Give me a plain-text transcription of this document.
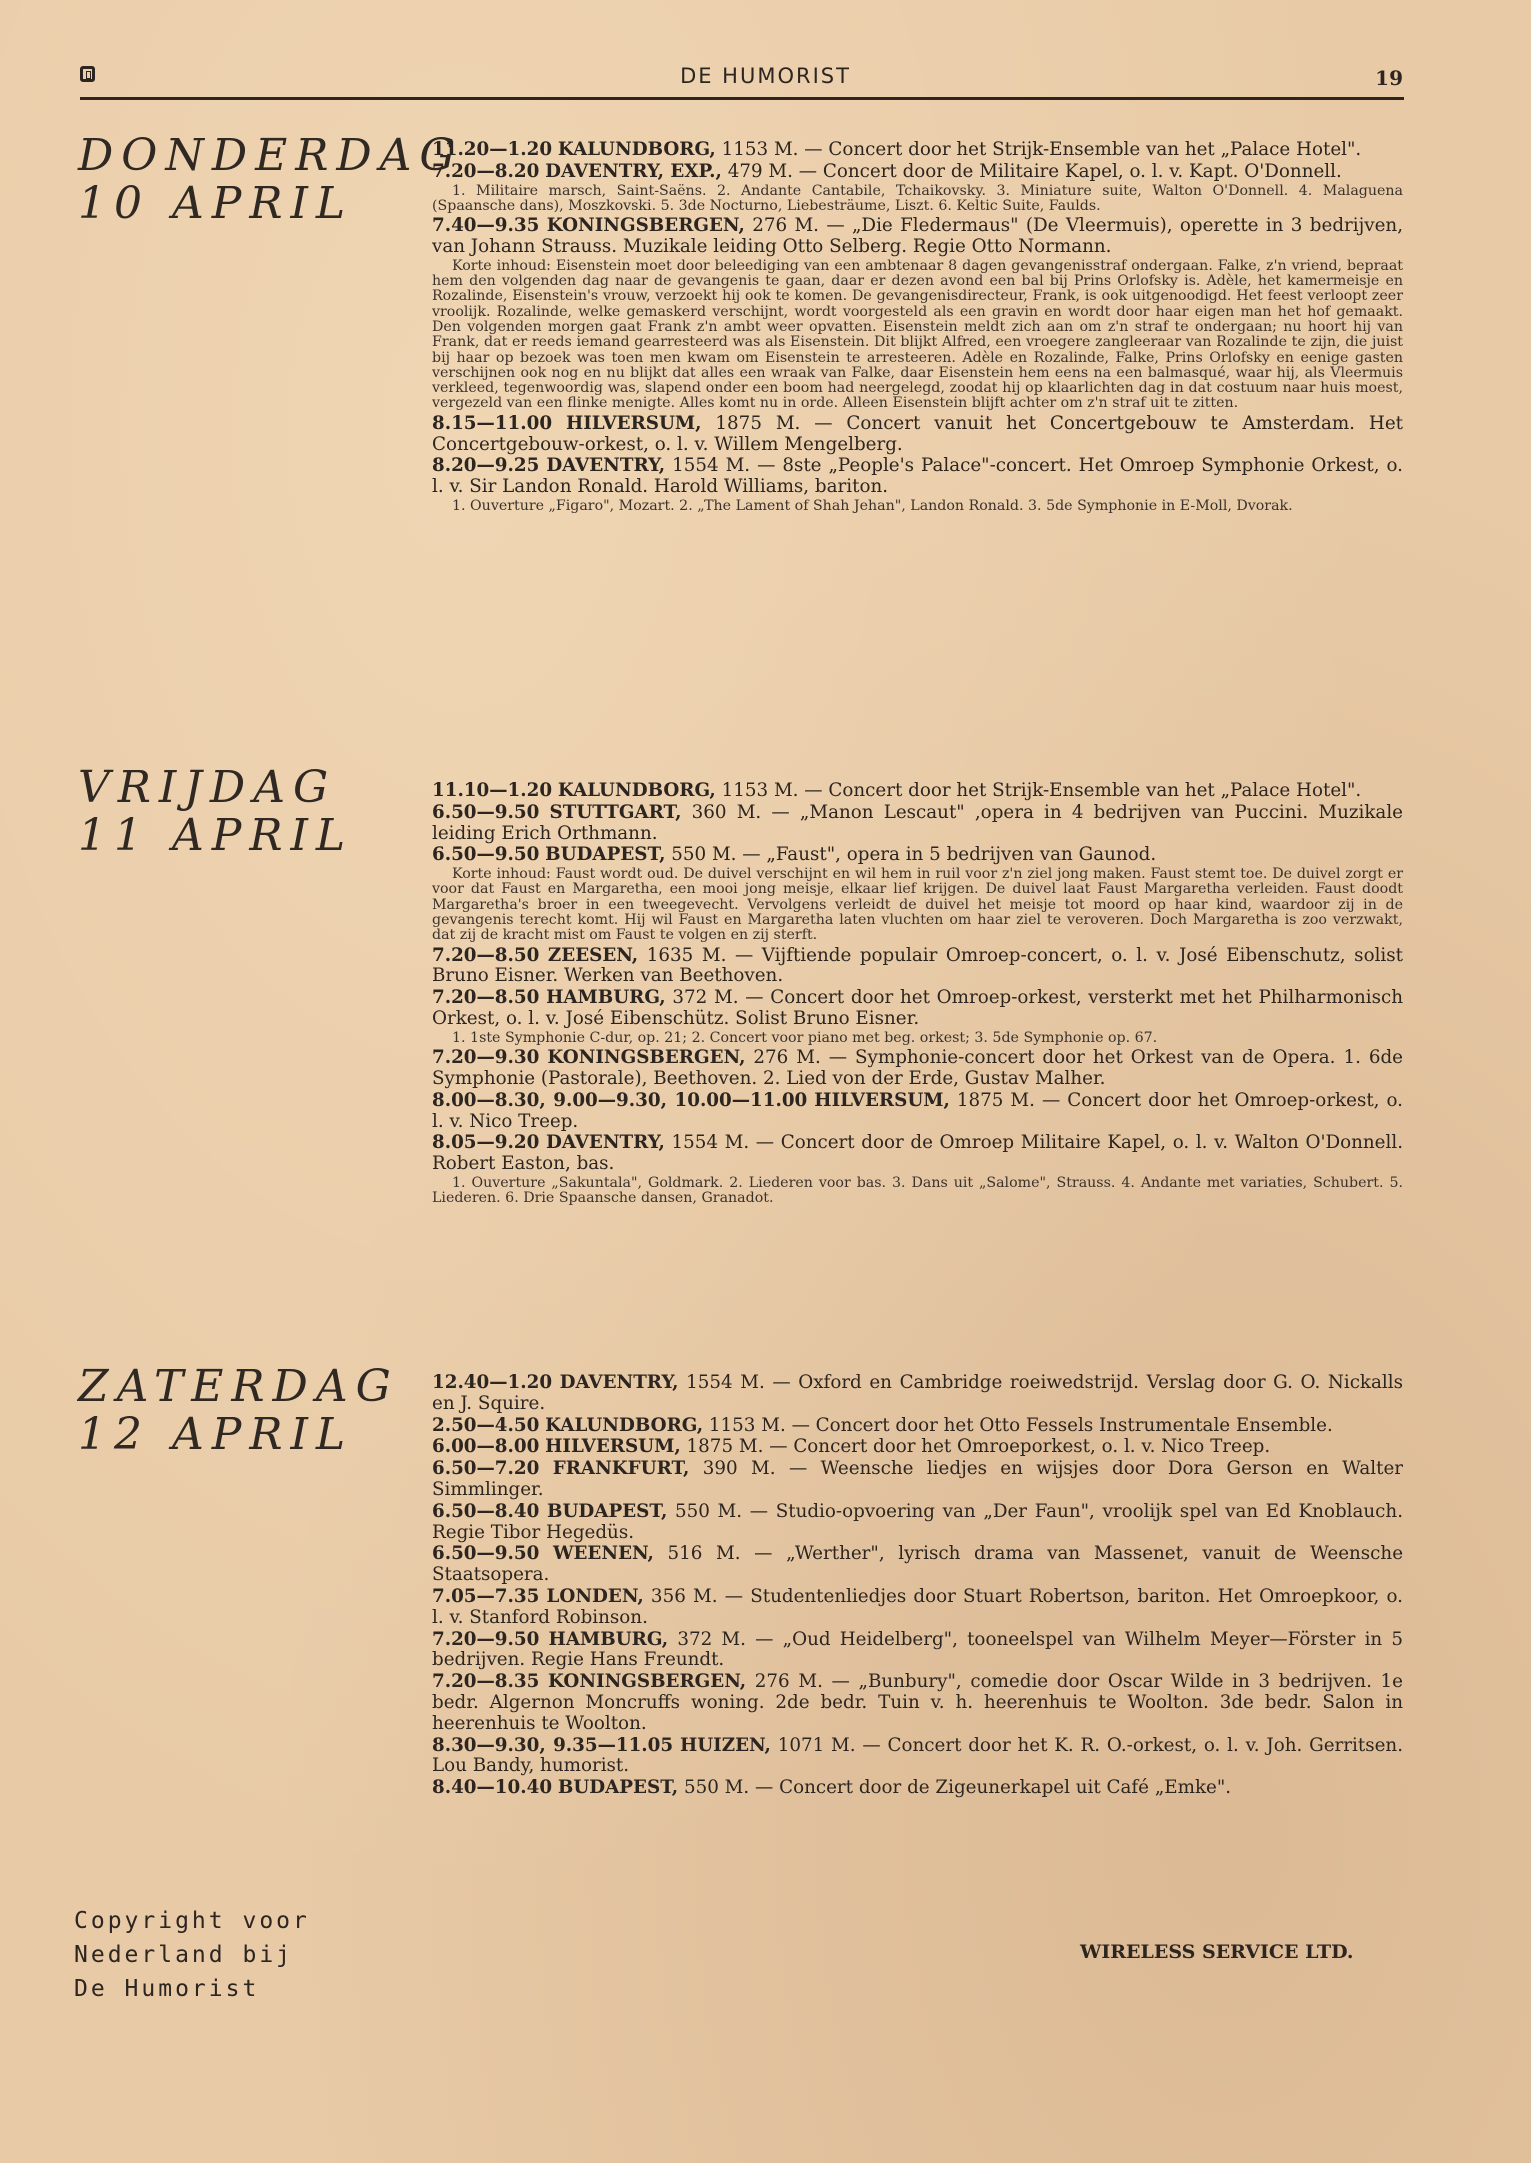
DE HUMORIST	19
DONDERDAG
10 APRIL

11.20—1.20 KALUNDBORG, 1153 M. — Concert door het Strijk-Ensemble van het „Palace Hotel".

7.20—8.20 DAVENTRY, EXP., 479 M. — Concert door de Militaire Kapel, o. l. v. Kapt. O'Donnell.

1. Militaire marsch, Saint-Saëns. 2. Andante Cantabile, Tchaikovsky. 3. Miniature suite, Walton O'Donnell. 4. Malaguena (Spaansche dans), Moszkovski. 5. 3de Nocturno, Liebesträume, Liszt. 6. Keltic Suite, Faulds.

7.40—9.35 KONINGSBERGEN, 276 M. — „Die Fledermaus" (De Vleermuis), operette in 3 bedrijven, van Johann Strauss. Muzikale leiding Otto Selberg. Regie Otto Normann.

Korte inhoud: Eisenstein moet door beleediging van een ambtenaar 8 dagen gevangenisstraf ondergaan. Falke, z'n vriend, bepraat hem den volgenden dag naar de gevangenis te gaan, daar er dezen avond een bal bij Prins Orlofsky is. Adèle, het kamermeisje en Rozalinde, Eisenstein's vrouw, verzoekt hij ook te komen. De gevangenisdirecteur, Frank, is ook uitgenoodigd. Het feest verloopt zeer vroolijk. Rozalinde, welke gemaskerd verschijnt, wordt voorgesteld als een gravin en wordt door haar eigen man het hof gemaakt. Den volgenden morgen gaat Frank z'n ambt weer opvatten. Eisenstein meldt zich aan om z'n straf te ondergaan; nu hoort hij van Frank, dat er reeds iemand gearresteerd was als Eisenstein. Dit blijkt Alfred, een vroegere zangleeraar van Rozalinde te zijn, die juist bij haar op bezoek was toen men kwam om Eisenstein te arresteeren. Adèle en Rozalinde, Falke, Prins Orlofsky en eenige gasten verschijnen ook nog en nu blijkt dat alles een wraak van Falke, daar Eisenstein hem eens na een balmasqué, waar hij, als Vleermuis verkleed, tegenwoordig was, slapend onder een boom had neergelegd, zoodat hij op klaarlichten dag in dat costuum naar huis moest, vergezeld van een flinke menigte. Alles komt nu in orde. Alleen Eisenstein blijft achter om z'n straf uit te zitten.

8.15—11.00 HILVERSUM, 1875 M. — Concert vanuit het Concertgebouw te Amsterdam. Het Concertgebouw-orkest, o. l. v. Willem Mengelberg.

8.20—9.25 DAVENTRY, 1554 M. — 8ste „People's Palace"-concert. Het Omroep Symphonie Orkest, o. l. v. Sir Landon Ronald. Harold Williams, bariton.

1. Ouverture „Figaro", Mozart. 2. „The Lament of Shah Jehan", Landon Ronald. 3. 5de Symphonie in E-Moll, Dvorak.

VRIJDAG
11 APRIL

11.10—1.20 KALUNDBORG, 1153 M. — Concert door het Strijk-Ensemble van het „Palace Hotel".

6.50—9.50 STUTTGART, 360 M. — „Manon Lescaut" ,opera in 4 bedrijven van Puccini. Muzikale leiding Erich Orthmann.

6.50—9.50 BUDAPEST, 550 M. — „Faust", opera in 5 bedrijven van Gaunod.

Korte inhoud: Faust wordt oud. De duivel verschijnt en wil hem in ruil voor z'n ziel jong maken. Faust stemt toe. De duivel zorgt er voor dat Faust en Margaretha, een mooi jong meisje, elkaar lief krijgen. De duivel laat Faust Margaretha verleiden. Faust doodt Margaretha's broer in een tweegevecht. Vervolgens verleidt de duivel het meisje tot moord op haar kind, waardoor zij in de gevangenis terecht komt. Hij wil Faust en Margaretha laten vluchten om haar ziel te veroveren. Doch Margaretha is zoo verzwakt, dat zij de kracht mist om Faust te volgen en zij sterft.

7.20—8.50 ZEESEN, 1635 M. — Vijftiende populair Omroep-concert, o. l. v. José Eibenschutz, solist Bruno Eisner. Werken van Beethoven.

7.20—8.50 HAMBURG, 372 M. — Concert door het Omroep-orkest, versterkt met het Philharmonisch Orkest, o. l. v. José Eibenschütz. Solist Bruno Eisner.

1. 1ste Symphonie C-dur, op. 21; 2. Concert voor piano met beg. orkest; 3. 5de Symphonie op. 67.

7.20—9.30 KONINGSBERGEN, 276 M. — Symphonie-concert door het Orkest van de Opera. 1. 6de Symphonie (Pastorale), Beethoven. 2. Lied von der Erde, Gustav Malher.

8.00—8.30, 9.00—9.30, 10.00—11.00 HILVERSUM, 1875 M. — Concert door het Omroep-orkest, o. l. v. Nico Treep.

8.05—9.20 DAVENTRY, 1554 M. — Concert door de Omroep Militaire Kapel, o. l. v. Walton O'Donnell. Robert Easton, bas.

1. Ouverture „Sakuntala", Goldmark. 2. Liederen voor bas. 3. Dans uit „Salome", Strauss. 4. Andante met variaties, Schubert. 5. Liederen. 6. Drie Spaansche dansen, Granadot.

ZATERDAG
12 APRIL

12.40—1.20 DAVENTRY, 1554 M. — Oxford en Cambridge roeiwedstrijd. Verslag door G. O. Nickalls en J. Squire.

2.50—4.50 KALUNDBORG, 1153 M. — Concert door het Otto Fessels Instrumentale Ensemble.

6.00—8.00 HILVERSUM, 1875 M. — Concert door het Omroeporkest, o. l. v. Nico Treep.

6.50—7.20 FRANKFURT, 390 M. — Weensche liedjes en wijsjes door Dora Gerson en Walter Simmlinger.

6.50—8.40 BUDAPEST, 550 M. — Studio-opvoering van „Der Faun", vroolijk spel van Ed Knoblauch. Regie Tibor Hegedüs.

6.50—9.50 WEENEN, 516 M. — „Werther", lyrisch drama van Massenet, vanuit de Weensche Staatsopera.

7.05—7.35 LONDEN, 356 M. — Studentenliedjes door Stuart Robertson, bariton. Het Omroepkoor, o. l. v. Stanford Robinson.

7.20—9.50 HAMBURG, 372 M. — „Oud Heidelberg", tooneelspel van Wilhelm Meyer—Förster in 5 bedrijven. Regie Hans Freundt.

7.20—8.35 KONINGSBERGEN, 276 M. — „Bunbury", comedie door Oscar Wilde in 3 bedrijven. 1e bedr. Algernon Moncruffs woning. 2de bedr. Tuin v. h. heerenhuis te Woolton. 3de bedr. Salon in heerenhuis te Woolton.

8.30—9.30, 9.35—11.05 HUIZEN, 1071 M. — Concert door het K. R. O.-orkest, o. l. v. Joh. Gerritsen. Lou Bandy, humorist.

8.40—10.40 BUDAPEST, 550 M. — Concert door de Zigeunerkapel uit Café „Emke".

Copyright voor
Nederland bij
De Humorist
WIRELESS SERVICE LTD.
